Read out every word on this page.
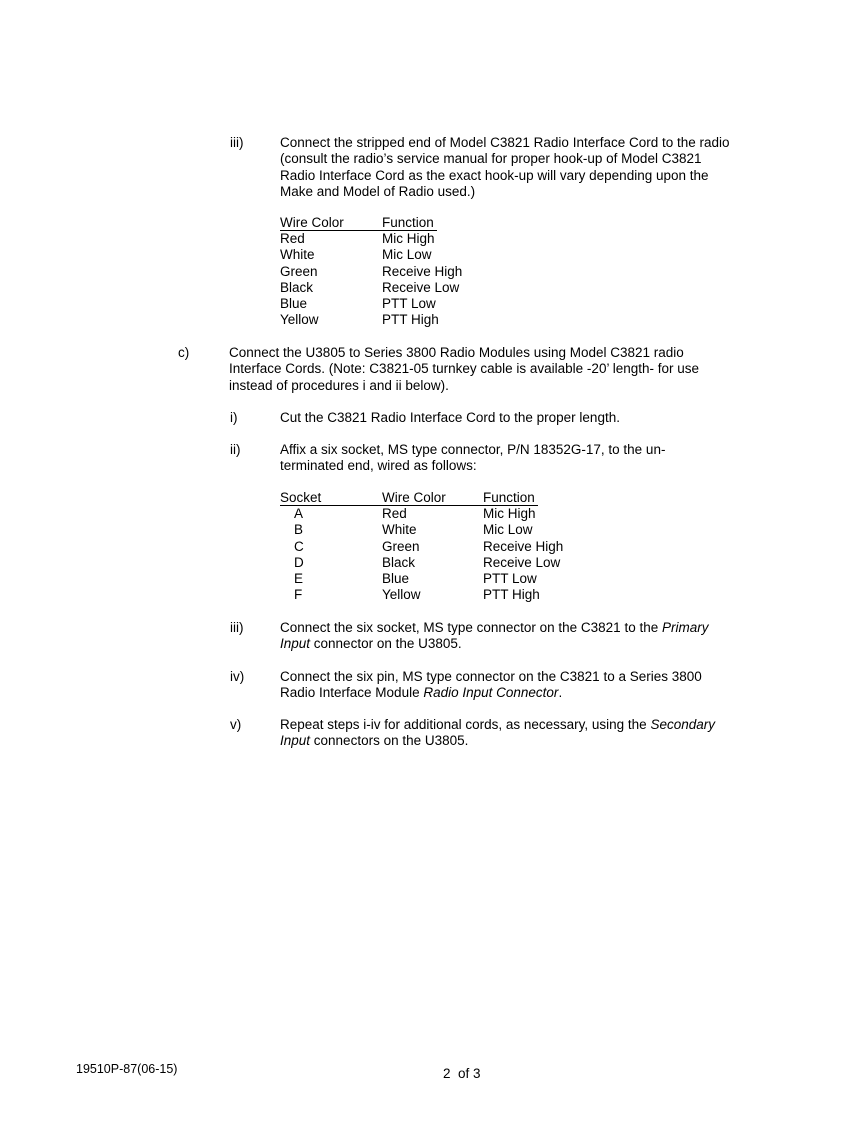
iii)	Connect the stripped end of Model C3821 Radio Interface Cord to the radio (consult the radio’s service manual for proper hook-up of Model C3821 Radio Interface Cord as the exact hook-up will vary depending upon the Make and Model of Radio used.)
Wire Color	Function
Red	Mic High
White	Mic Low
Green	Receive High
Black	Receive Low
Blue	PTT Low
Yellow	PTT High
c)	Connect the U3805 to Series 3800 Radio Modules using Model C3821 radio Interface Cords. (Note: C3821-05 turnkey cable is available -20’ length- for use instead of procedures i and ii below).
i)	Cut the C3821 Radio Interface Cord to the proper length.
ii)	Affix a six socket, MS type connector, P/N 18352G-17, to the un-terminated end, wired as follows:
Socket	Wire Color	Function
A	Red	Mic High
B	White	Mic Low
C	Green	Receive High
D	Black	Receive Low
E	Blue	PTT Low
F	Yellow	PTT High
iii)	Connect the six socket, MS type connector on the C3821 to the Primary Input connector on the U3805.
iv)	Connect the six pin, MS type connector on the C3821 to a Series 3800 Radio Interface Module Radio Input Connector.
v)	Repeat steps i-iv for additional cords, as necessary, using the Secondary Input connectors on the U3805.
19510P-87(06-15)	2  of 3
